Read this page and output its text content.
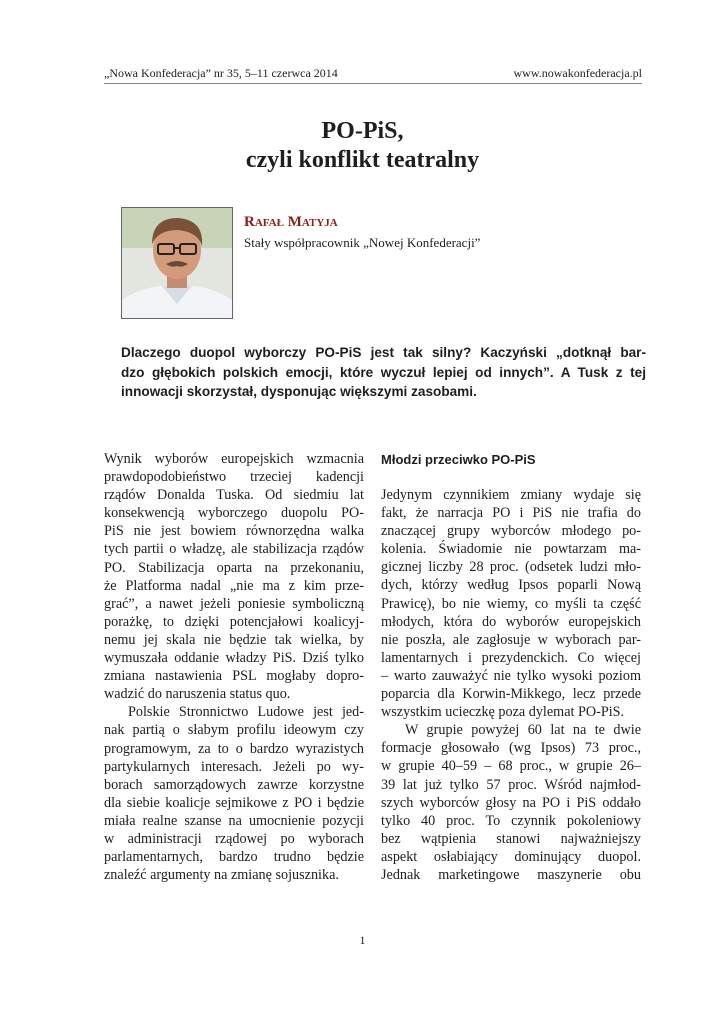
„Nowa Konfederacja” nr 35, 5–11 czerwca 2014	www.nowakonfederacja.pl
PO-PiS,
czyli konflikt teatralny
Rafał Matyja
Stały współpracownik „Nowej Konfederacji”
Dlaczego duopol wyborczy PO-PiS jest tak silny? Kaczyński „dotknął bar-
dzo głębokich polskich emocji, które wyczuł lepiej od innych”. A Tusk z tej
innowacji skorzystał, dysponując większymi zasobami.
Wynik wyborów europejskich wzmacnia
prawdopodobieństwo trzeciej kadencji
rządów Donalda Tuska. Od siedmiu lat
konsekwencją wyborczego duopolu PO-
PiS nie jest bowiem równorzędna walka
tych partii o władzę, ale stabilizacja rządów
PO. Stabilizacja oparta na przekonaniu,
że Platforma nadal „nie ma z kim prze-
grać”, a nawet jeżeli poniesie symboliczną
porażkę, to dzięki potencjałowi koalicyj-
nemu jej skala nie będzie tak wielka, by
wymuszała oddanie władzy PiS. Dziś tylko
zmiana nastawienia PSL mogłaby dopro-
wadzić do naruszenia status quo.
Polskie Stronnictwo Ludowe jest jed-
nak partią o słabym profilu ideowym czy
programowym, za to o bardzo wyrazistych
partykularnych interesach. Jeżeli po wy-
borach samorządowych zawrze korzystne
dla siebie koalicje sejmikowe z PO i będzie
miała realne szanse na umocnienie pozycji
w administracji rządowej po wyborach
parlamentarnych, bardzo trudno będzie
znaleźć argumenty na zmianę sojusznika.
Młodzi przeciwko PO-PiS
Jedynym czynnikiem zmiany wydaje się
fakt, że narracja PO i PiS nie trafia do
znaczącej grupy wyborców młodego po-
kolenia. Świadomie nie powtarzam ma-
gicznej liczby 28 proc. (odsetek ludzi mło-
dych, którzy według Ipsos poparli Nową
Prawicę), bo nie wiemy, co myśli ta część
młodych, która do wyborów europejskich
nie poszła, ale zagłosuje w wyborach par-
lamentarnych i prezydenckich. Co więcej
– warto zauważyć nie tylko wysoki poziom
poparcia dla Korwin-Mikkego, lecz przede
wszystkim ucieczkę poza dylemat PO-PiS.
W grupie powyżej 60 lat na te dwie
formacje głosowało (wg Ipsos) 73 proc.,
w grupie 40–59 – 68 proc., w grupie 26–
39 lat już tylko 57 proc. Wśród najmłod-
szych wyborców głosy na PO i PiS oddało
tylko 40 proc. To czynnik pokoleniowy
bez wątpienia stanowi najważniejszy
aspekt osłabiający dominujący duopol.
Jednak marketingowe maszynerie obu
1
